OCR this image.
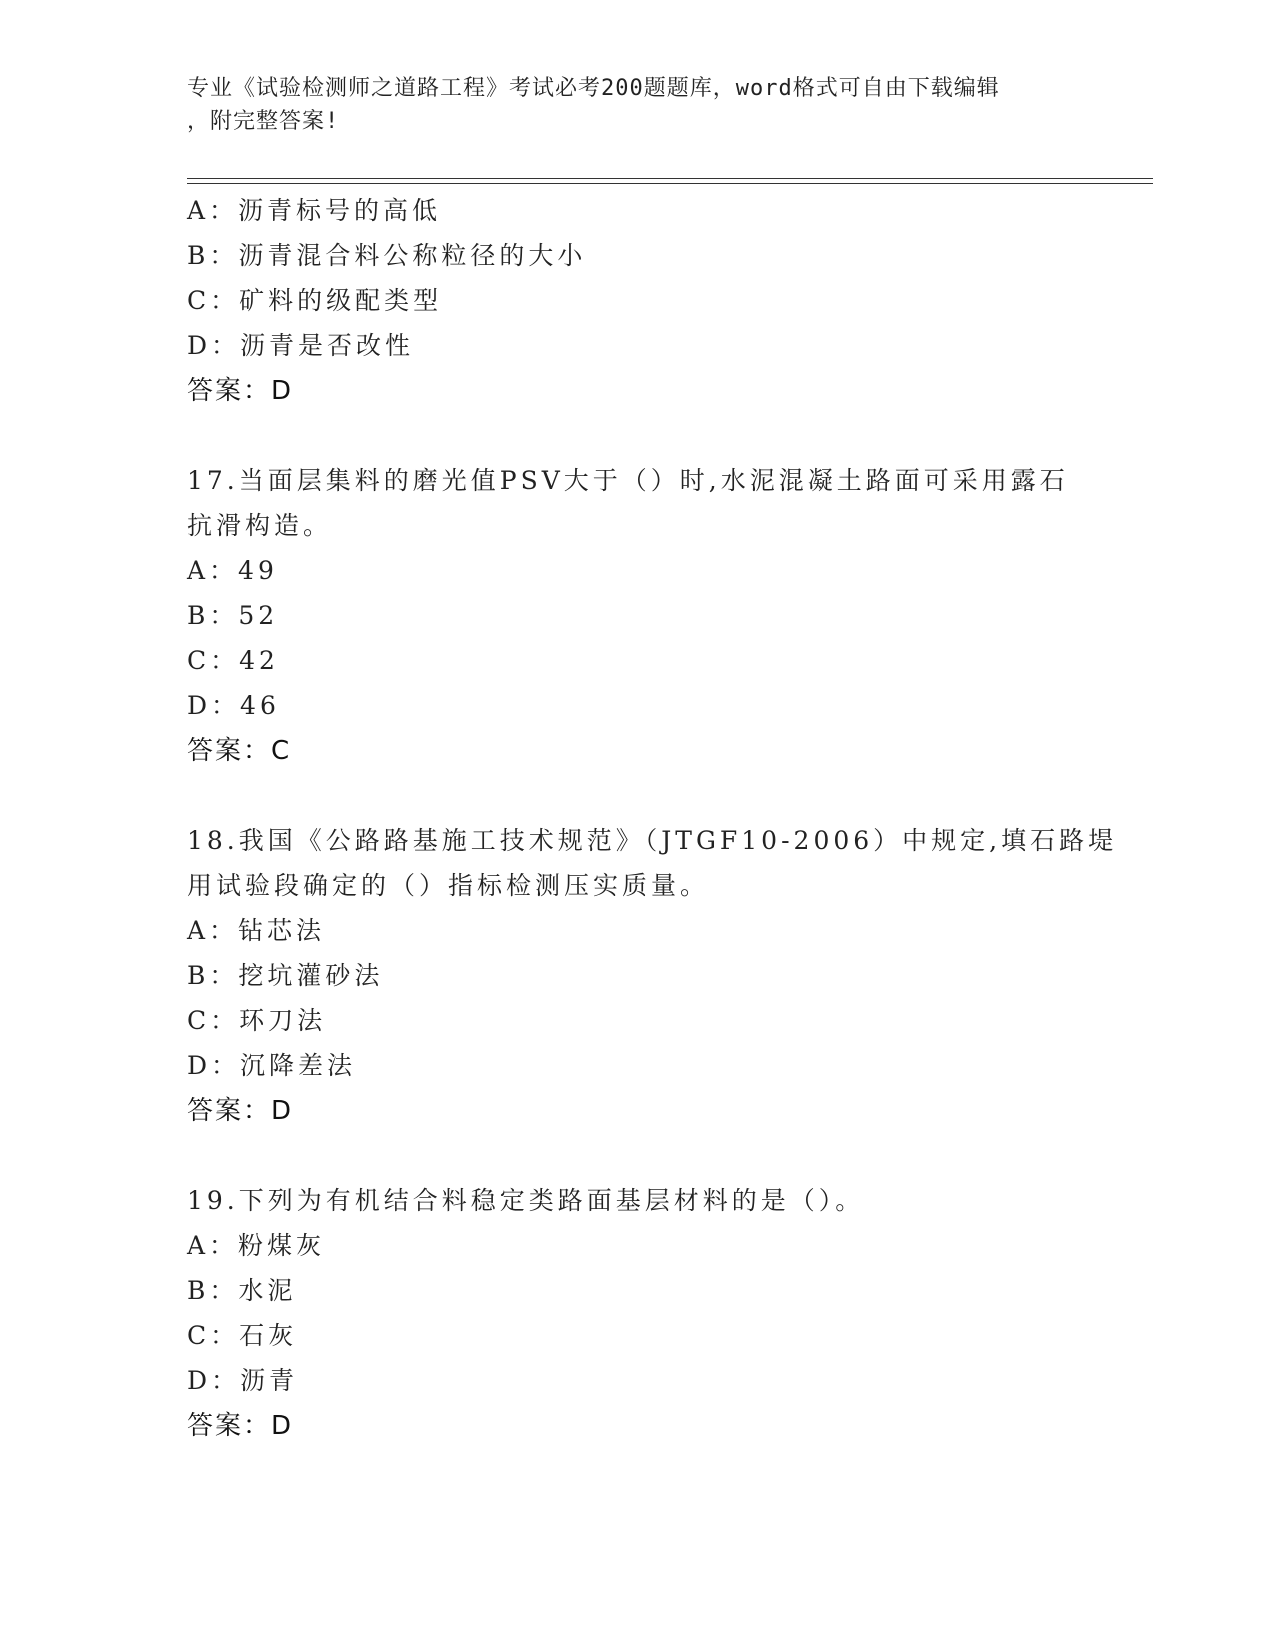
专业《试验检测师之道路工程》考试必考200题题库，word格式可自由下载编辑
，附完整答案!
A：沥青标号的高低
B：沥青混合料公称粒径的大小
C：矿料的级配类型
D：沥青是否改性
答案：D
17.当面层集料的磨光值PSV大于（）时,水泥混凝土路面可采用露石
抗滑构造。
A：49
B：52
C：42
D：46
答案：C
18.我国《公路路基施工技术规范》（JTGF10-2006）中规定,填石路堤
用试验段确定的（）指标检测压实质量。
A：钻芯法
B：挖坑灌砂法
C：环刀法
D：沉降差法
答案：D
19.下列为有机结合料稳定类路面基层材料的是（）。
A：粉煤灰
B：水泥
C：石灰
D：沥青
答案：D
